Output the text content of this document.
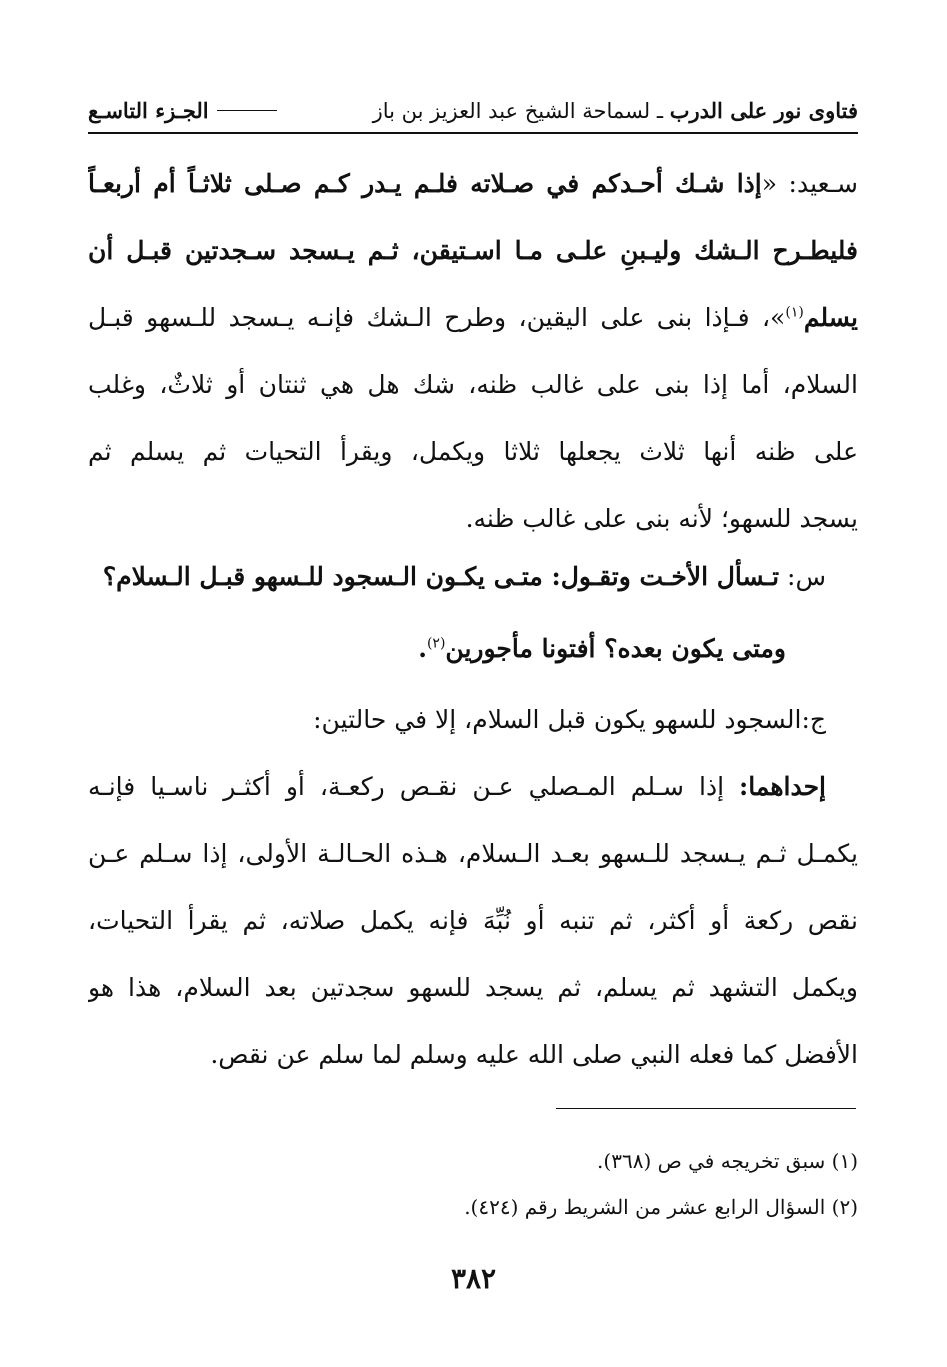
فتاوى نور على الدرب ـ لسماحة الشيخ عبد العزيز بن باز
الجـزء التاسـع
سـعيد: «إذا شـك أحـدكم في صـلاته فلـم يـدر كـم صـلى ثلاثـاً أم أربعـاً
فليطـرح الـشك وليـبنِ علـى مـا اسـتيقن، ثـم يـسجد سـجدتين قبـل أن
يسلم$^{(١)}$»، فـإذا بنى على اليقين، وطرح الـشك فإنـه يـسجد للـسهو قبـل
السلام، أما إذا بنى على غالب ظنه، شك هل هي ثنتان أو ثلاثٌ، وغلب
على ظنه أنها ثلاث يجعلها ثلاثا ويكمل، ويقرأ التحيات ثم يسلم ثم
يسجد للسهو؛ لأنه بنى على غالب ظنه.
س: تـسأل الأخـت وتقـول: متـى يكـون الـسجود للـسهو قبـل الـسلام؟
ومتى يكون بعده؟ أفتونا مأجورين$^{(٢)}$.
ج:السجود للسهو يكون قبل السلام، إلا في حالتين:
إحداهما: إذا سـلم المـصلي عـن نقـص ركعـة، أو أكثـر ناسـيا فإنـه
يكمـل ثـم يـسجد للـسهو بعـد الـسلام، هـذه الحـالـة الأولى، إذا سـلم عـن
نقص ركعة أو أكثر، ثم تنبه أو نُبِّهَ فإنه يكمل صلاته، ثم يقرأ التحيات،
ويكمل التشهد ثم يسلم، ثم يسجد للسهو سجدتين بعد السلام، هذا هو
الأفضل كما فعله النبي صلى الله عليه وسلم لما سلم عن نقص.
(١) سبق تخريجه في ص (٣٦٨).
(٢) السؤال الرابع عشر من الشريط رقم (٤٢٤).
٣٨٢
